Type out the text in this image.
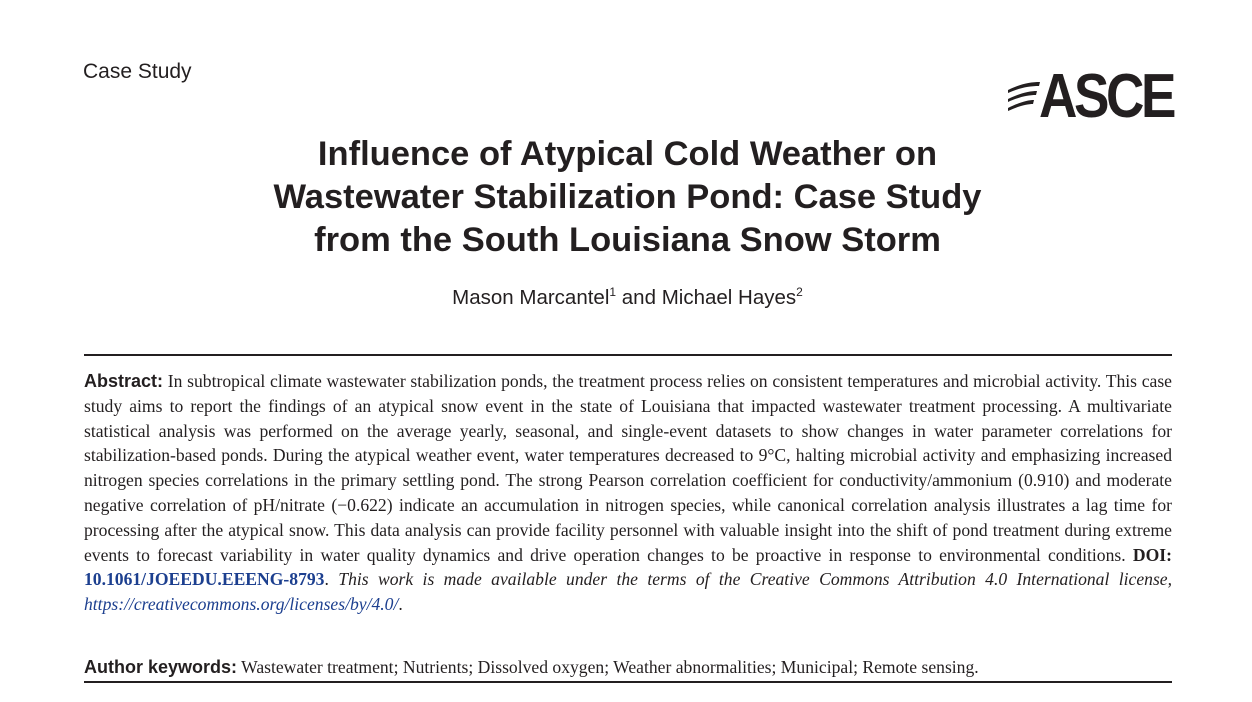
Case Study	ASCE
Influence of Atypical Cold Weather on
Wastewater Stabilization Pond: Case Study
from the South Louisiana Snow Storm
Mason Marcantel$^1$ and Michael Hayes$^2$

Abstract: In subtropical climate wastewater stabilization ponds, the treatment process relies on consistent temperatures and microbial activity. This case study aims to report the findings of an atypical snow event in the state of Louisiana that impacted wastewater treatment processing. A multivariate statistical analysis was performed on the average yearly, seasonal, and single-event datasets to show changes in water parameter correlations for stabilization-based ponds. During the atypical weather event, water temperatures decreased to 9°C, halting microbial activity and emphasizing increased nitrogen species correlations in the primary settling pond. The strong Pearson correlation coefficient for conductivity/ammonium (0.910) and moderate negative correlation of pH/nitrate (−0.622) indicate an accumulation in nitrogen species, while canonical correlation analysis illustrates a lag time for processing after the atypical snow. This data analysis can provide facility personnel with valuable insight into the shift of pond treatment during extreme events to forecast variability in water quality dynamics and drive operation changes to be proactive in response to environmental conditions. DOI: 10.1061/JOEEDU.EEENG-8793. This work is made available under the terms of the Creative Commons Attribution 4.0 International license, https://creativecommons.org/licenses/by/4.0/.

Author keywords: Wastewater treatment; Nutrients; Dissolved oxygen; Weather abnormalities; Municipal; Remote sensing.
